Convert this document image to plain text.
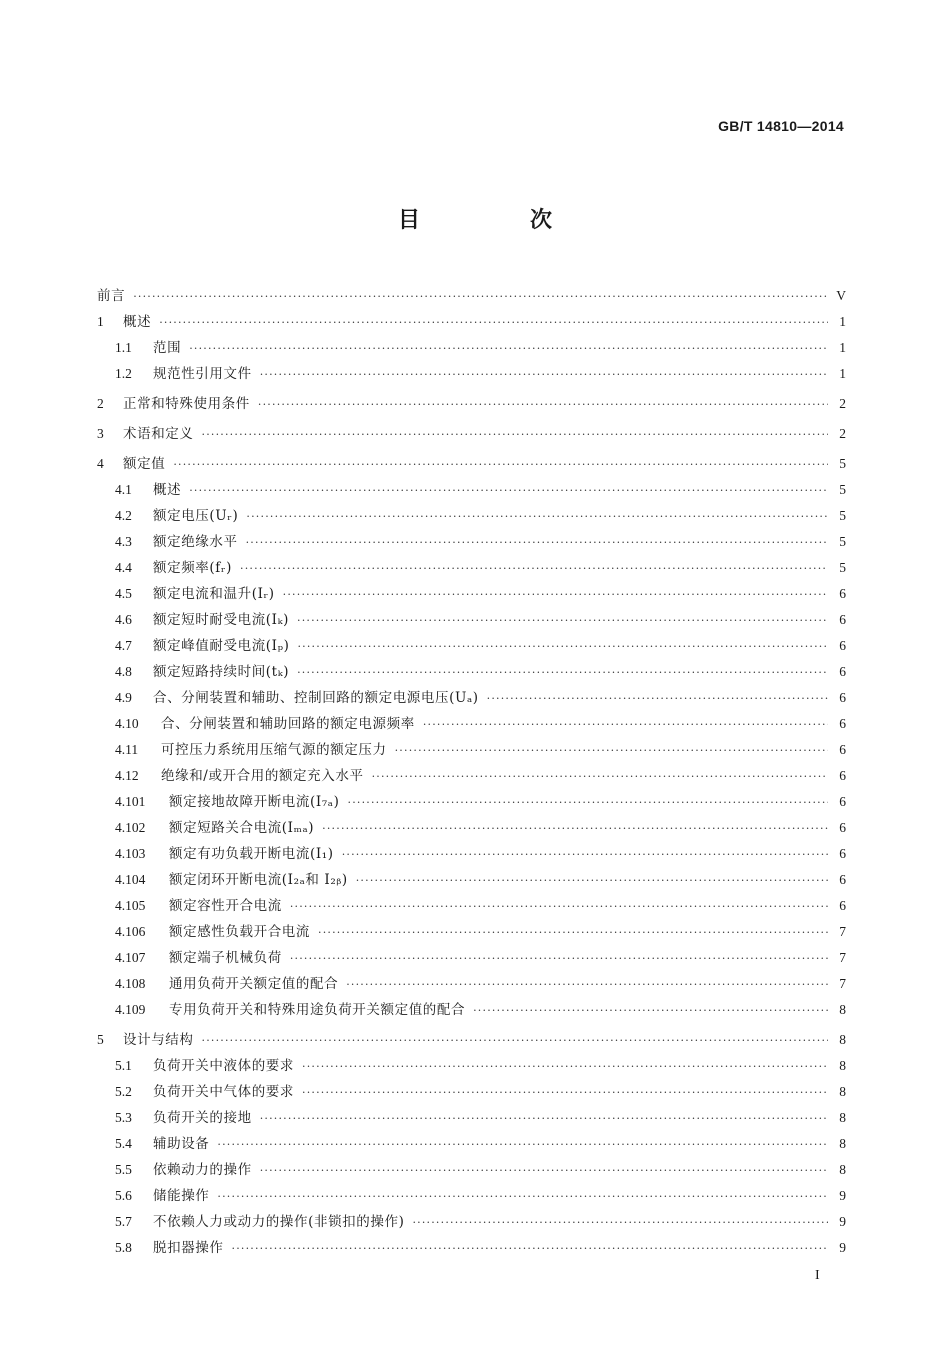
GB/T 14810—2014
目　次
前言 ·····	V
1	概述 ·····	1
1.1	范围 ·····	1
1.2	规范性引用文件 ·····	1
2	正常和特殊使用条件 ·····	2
3	术语和定义 ·····	2
4	额定值 ·····	5
4.1	概述 ·····	5
4.2	额定电压(Uᵣ) ·····	5
4.3	额定绝缘水平 ·····	5
4.4	额定频率(fᵣ) ·····	5
4.5	额定电流和温升(Iᵣ) ·····	6
4.6	额定短时耐受电流(Iₖ) ·····	6
4.7	额定峰值耐受电流(Iₚ) ·····	6
4.8	额定短路持续时间(tₖ) ·····	6
4.9	合、分闸装置和辅助、控制回路的额定电源电压(Uₐ) ·····	6
4.10	合、分闸装置和辅助回路的额定电源频率 ·····	6
4.11	可控压力系统用压缩气源的额定压力 ·····	6
4.12	绝缘和/或开合用的额定充入水平 ·····	6
4.101	额定接地故障开断电流(I₇ₐ) ·····	6
4.102	额定短路关合电流(Iₘₐ) ·····	6
4.103	额定有功负载开断电流(I₁) ·····	6
4.104	额定闭环开断电流(I₂ₐ和 I₂ᵦ) ·····	6
4.105	额定容性开合电流 ·····	6
4.106	额定感性负载开合电流 ·····	7
4.107	额定端子机械负荷 ·····	7
4.108	通用负荷开关额定值的配合 ·····	7
4.109	专用负荷开关和特殊用途负荷开关额定值的配合 ·····	8
5	设计与结构 ·····	8
5.1	负荷开关中液体的要求 ·····	8
5.2	负荷开关中气体的要求 ·····	8
5.3	负荷开关的接地 ·····	8
5.4	辅助设备 ·····	8
5.5	依赖动力的操作 ·····	8
5.6	储能操作 ·····	9
5.7	不依赖人力或动力的操作(非锁扣的操作) ·····	9
5.8	脱扣器操作 ·····	9
I
